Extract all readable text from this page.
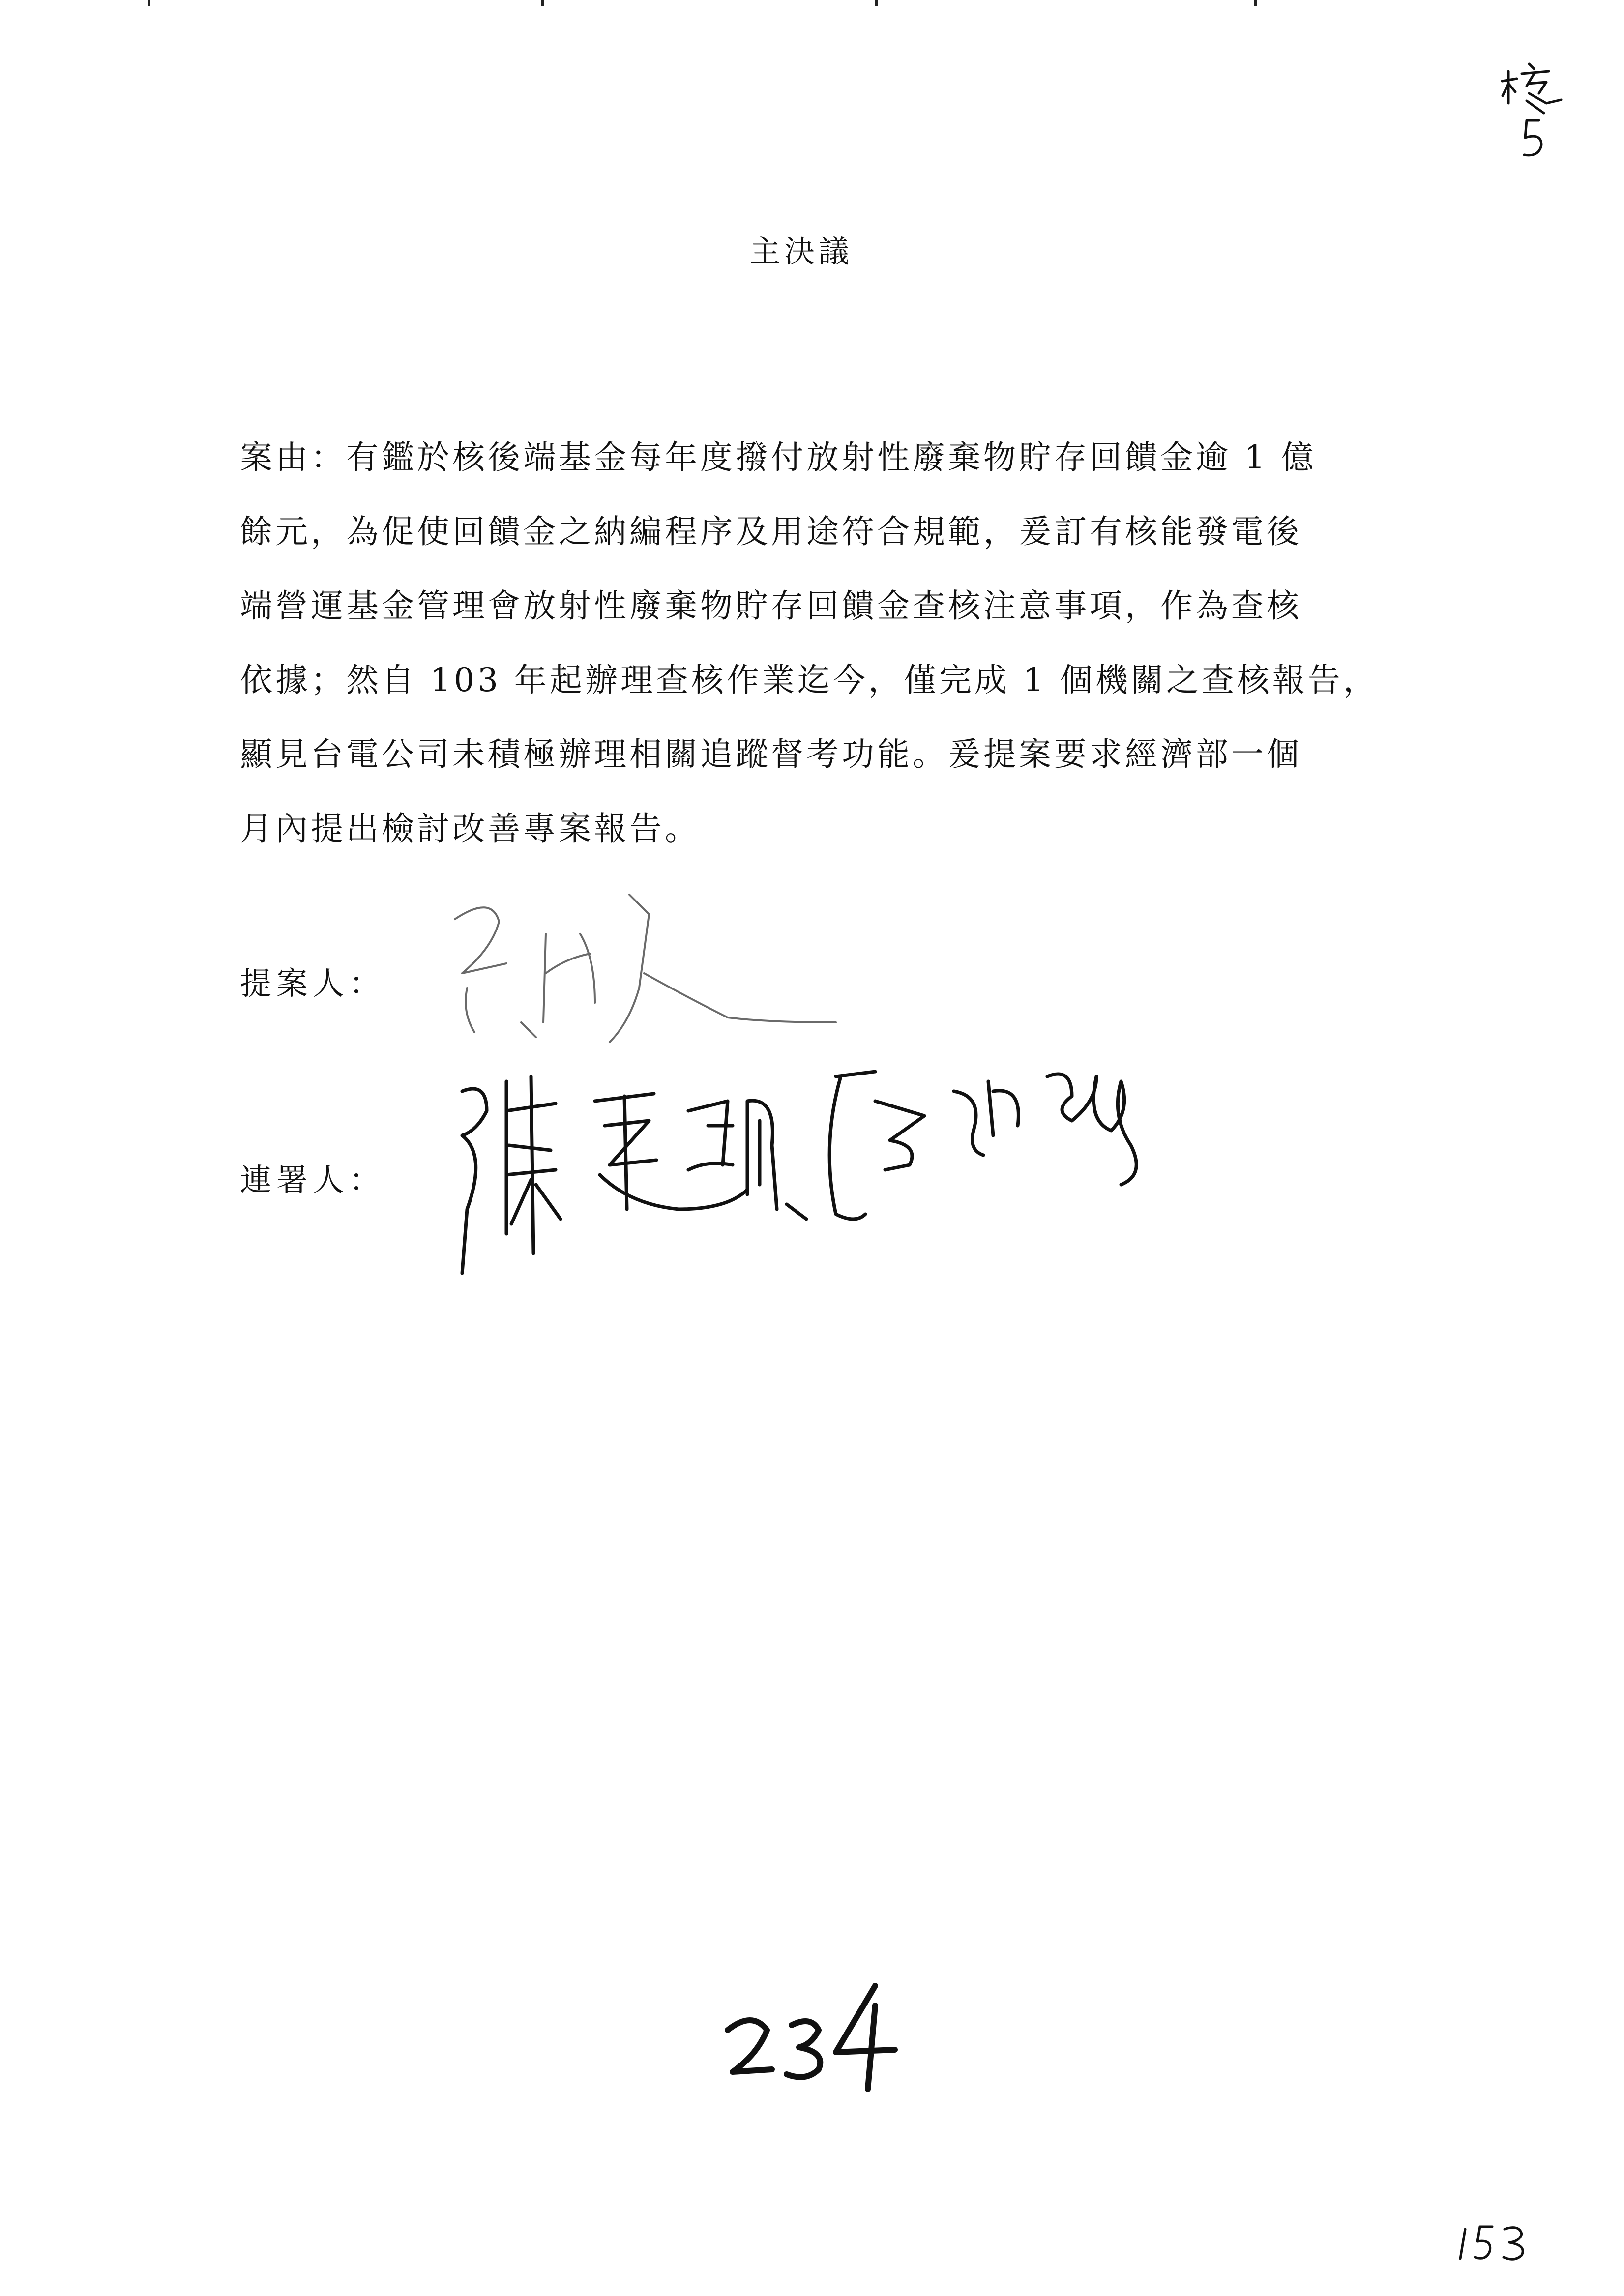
主決議
案由：有鑑於核後端基金每年度撥付放射性廢棄物貯存回饋金逾 1 億
餘元，為促使回饋金之納編程序及用途符合規範，爰訂有核能發電後
端營運基金管理會放射性廢棄物貯存回饋金查核注意事項，作為查核
依據；然自 103 年起辦理查核作業迄今，僅完成 1 個機關之查核報告，
顯見台電公司未積極辦理相關追蹤督考功能。爰提案要求經濟部一個
月內提出檢討改善專案報告。
提案人：
連署人：
